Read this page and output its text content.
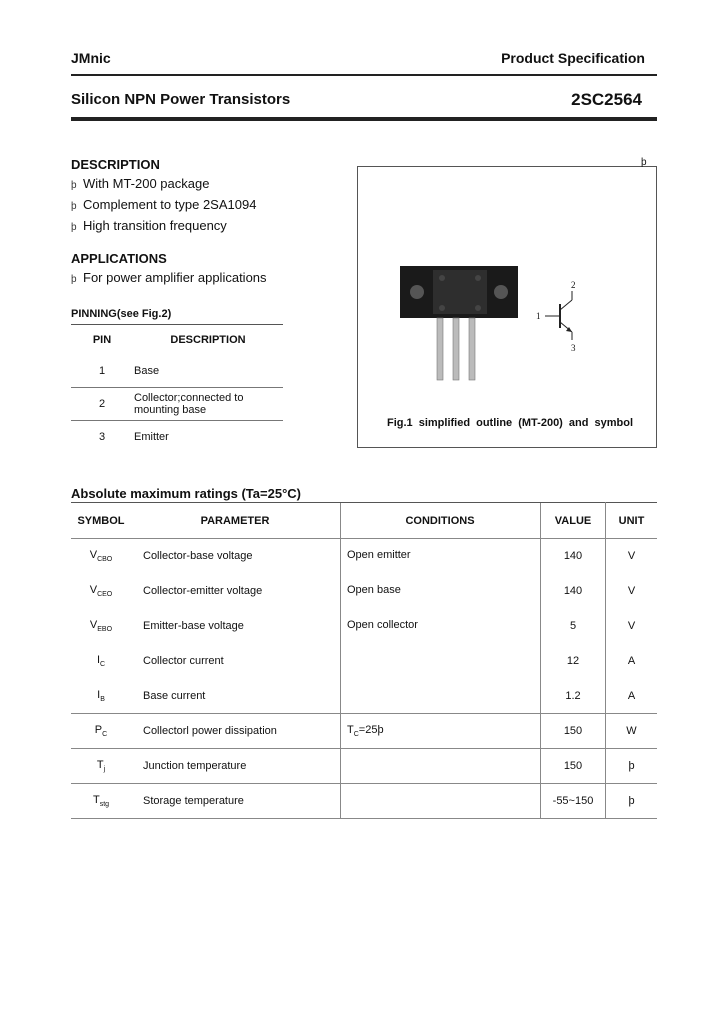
JMnic	Product Specification
Silicon NPN Power Transistors	2SC2564
DESCRIPTION
þ With MT-200 package
þ Complement to type 2SA1094
þ High transition frequency
APPLICATIONS
þ For power amplifier applications
PINNING(see Fig.2)
PIN	DESCRIPTION
1	Base
2	Collector;connected to mounting base
3	Emitter
þ
1
2
3
Fig.1 simplified outline (MT-200) and symbol
Absolute maximum ratings (Ta=25°C)
SYMBOL	PARAMETER	CONDITIONS	VALUE	UNIT
$V_{CBO}$	Collector-base voltage	Open emitter	140	V
$V_{CEO}$	Collector-emitter voltage	Open base	140	V
$V_{EBO}$	Emitter-base voltage	Open collector	5	V
$I_C$	Collector current		12	A
$I_B$	Base current		1.2	A
$P_C$	Collectorl power dissipation	$T_C=25þ$	150	W
$T_j$	Junction temperature		150	þ
$T_{stg}$	Storage temperature		-55~150	þ
